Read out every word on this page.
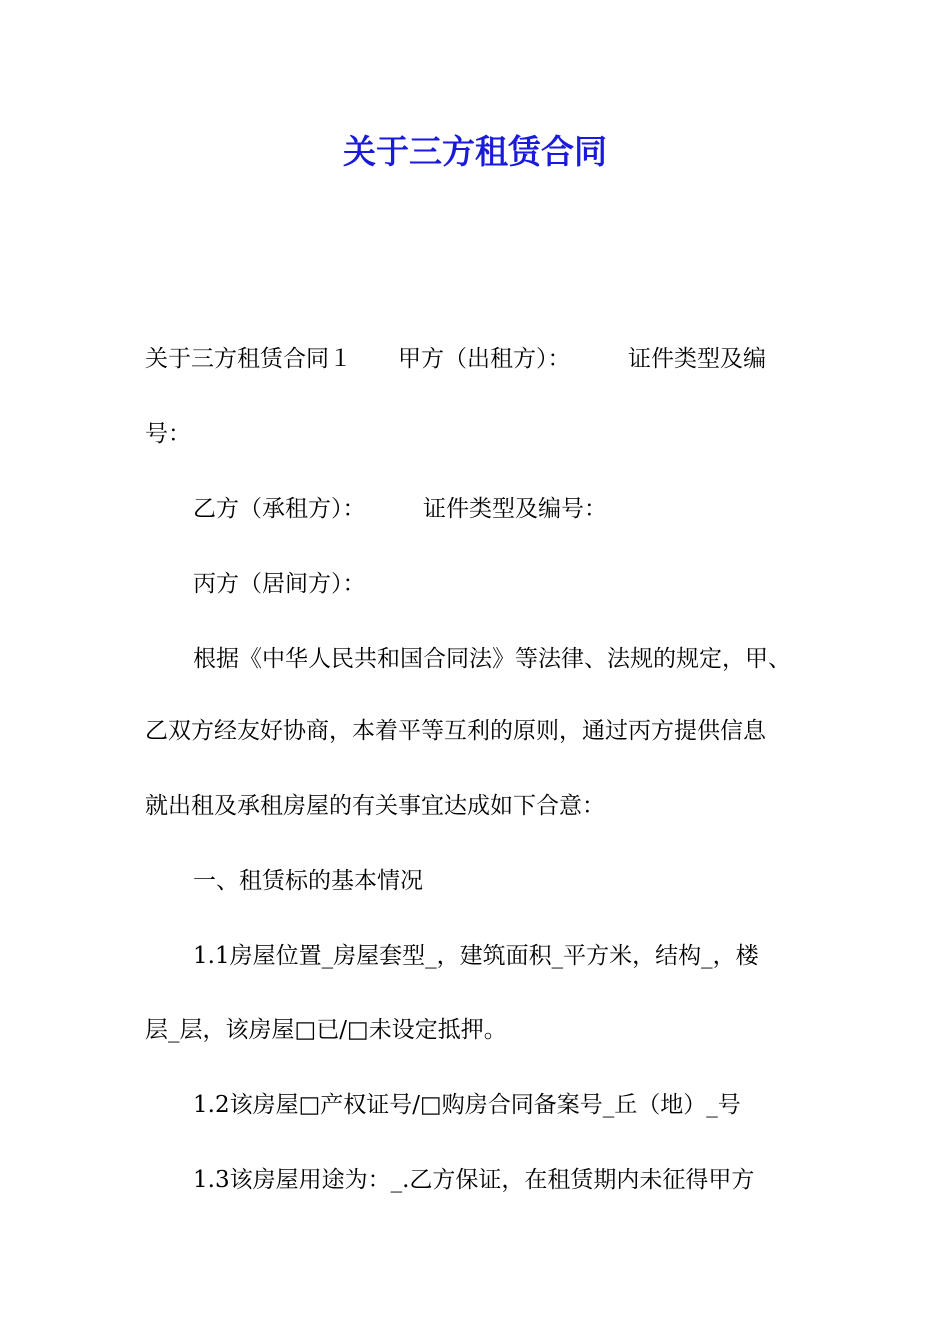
关于三方租赁合同

关于三方租赁合同１　　甲方（出租方）：　　　证件类型及编

号：

乙方（承租方）：　　　证件类型及编号：

丙方（居间方）：

根据《中华人民共和国合同法》等法律、法规的规定，甲、

乙双方经友好协商，本着平等互利的原则，通过丙方提供信息

就出租及承租房屋的有关事宜达成如下合意：

一、租赁标的基本情况

1.1房屋位置_房屋套型_，建筑面积_平方米，结构_，楼

层_层，该房屋□已/□未设定抵押。

1.2该房屋□产权证号/□购房合同备案号_丘（地）_号

1.3该房屋用途为：_.乙方保证，在租赁期内未征得甲方
